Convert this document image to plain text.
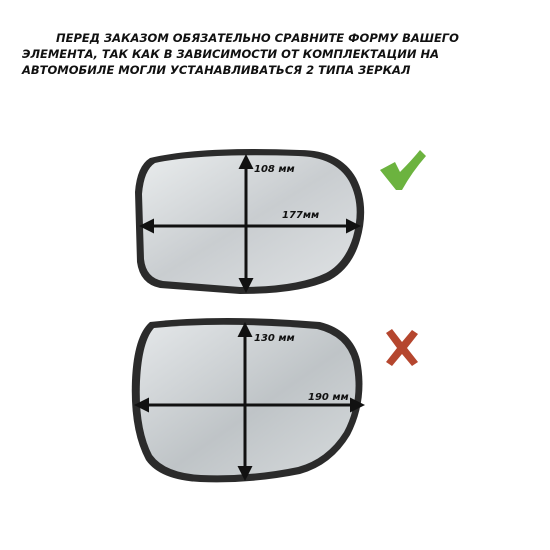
ПЕРЕД ЗАКАЗОМ ОБЯЗАТЕЛЬНО СРАВНИТЕ ФОРМУ ВАШЕГО ЭЛЕМЕНТА, ТАК КАК В ЗАВИСИМОСТИ ОТ КОМПЛЕКТАЦИИ НА АВТОМОБИЛЕ МОГЛИ УСТАНАВЛИВАТЬСЯ 2 ТИПА ЗЕРКАЛ

108 мм
177мм
130 мм
190 мм
